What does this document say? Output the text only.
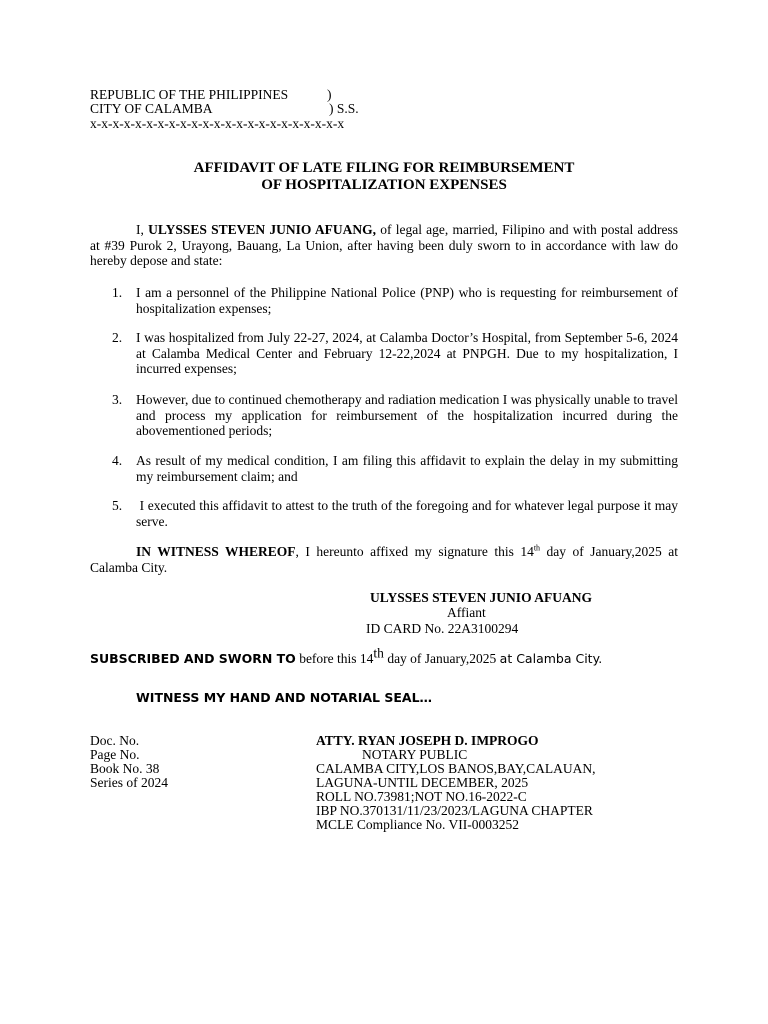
REPUBLIC OF THE PHILIPPINES	)
CITY OF CALAMBA	) S.S.
x-x-x-x-x-x-x-x-x-x-x-x-x-x-x-x-x-x-x-x-x-x-x
AFFIDAVIT OF LATE FILING FOR REIMBURSEMENT
OF HOSPITALIZATION EXPENSES
I, ULYSSES STEVEN JUNIO AFUANG, of legal age, married, Filipino and with postal address at #39 Purok 2, Urayong, Bauang, La Union, after having been duly sworn to in accordance with law do hereby depose and state:
1. I am a personnel of the Philippine National Police (PNP) who is requesting for reimbursement of hospitalization expenses;
2. I was hospitalized from July 22-27, 2024, at Calamba Doctor’s Hospital, from September 5-6, 2024 at Calamba Medical Center and February 12-22,2024 at PNPGH. Due to my hospitalization, I incurred expenses;
3. However, due to continued chemotherapy and radiation medication I was physically unable to travel and process my application for reimbursement of the hospitalization incurred during the abovementioned periods;
4. As result of my medical condition, I am filing this affidavit to explain the delay in my submitting my reimbursement claim; and
5. I executed this affidavit to attest to the truth of the foregoing and for whatever legal purpose it may serve.
IN WITNESS WHEREOF, I hereunto affixed my signature this 14th day of January,2025 at Calamba City.
ULYSSES STEVEN JUNIO AFUANG
Affiant
ID CARD No. 22A3100294
SUBSCRIBED AND SWORN TO before this 14th day of January,2025 at Calamba City.
WITNESS MY HAND AND NOTARIAL SEAL…
Doc. No.
Page No.
Book No. 38
Series of 2024
ATTY. RYAN JOSEPH D. IMPROGO
NOTARY PUBLIC
CALAMBA CITY,LOS BANOS,BAY,CALAUAN,
LAGUNA-UNTIL DECEMBER, 2025
ROLL NO.73981;NOT NO.16-2022-C
IBP NO.370131/11/23/2023/LAGUNA CHAPTER
MCLE Compliance No. VII-0003252
